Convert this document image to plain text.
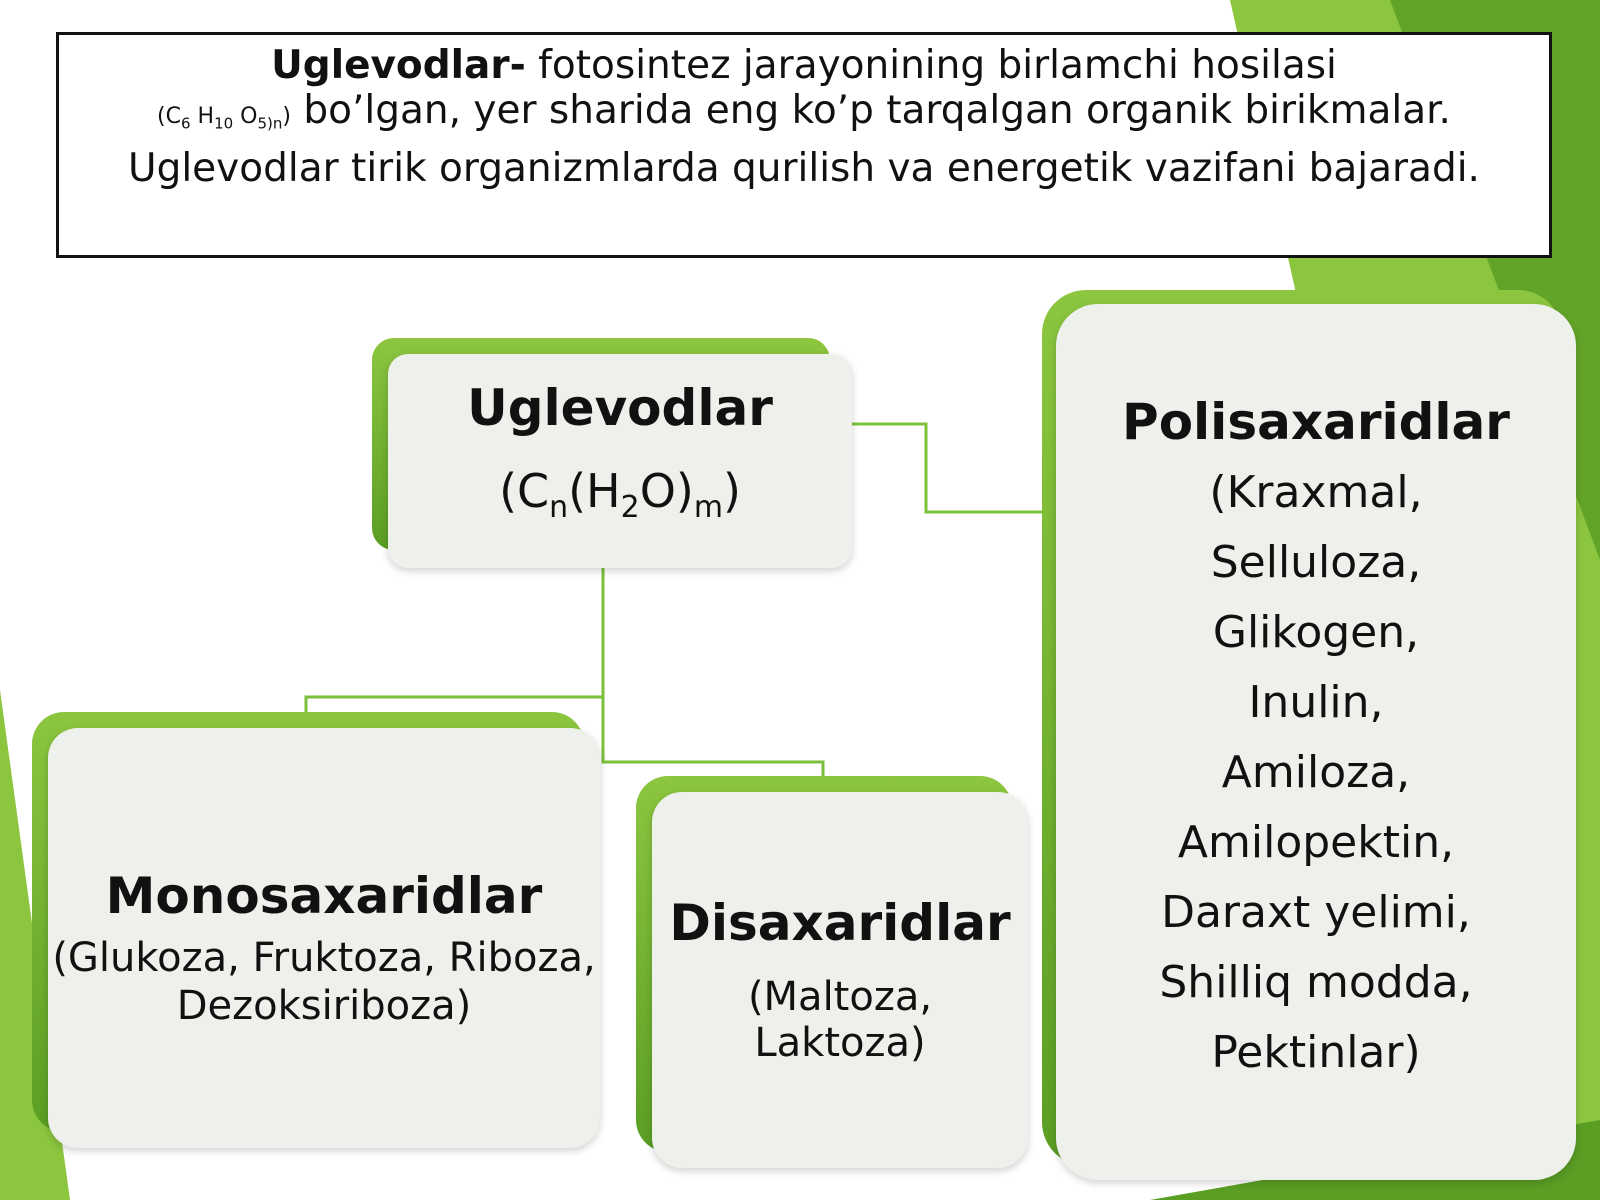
Uglevodlar- fotosintez jarayonining birlamchi hosilasi
($C_6$ $H_{10}$ $O_{5)n}$) bo’lgan, yer sharida eng ko’p tarqalgan organik birikmalar.
Uglevodlar tirik organizmlarda qurilish va energetik vazifani bajaradi.
Uglevodlar
$(C_n(H_2O)_m)$
Monosaxaridlar
(Glukoza, Fruktoza, Riboza, Dezoksiriboza)
Disaxaridlar
(Maltoza, Laktoza)
Polisaxaridlar
(Kraxmal,
Selluloza,
Glikogen,
Inulin,
Amiloza,
Amilopektin,
Daraxt yelimi,
Shilliq modda,
Pektinlar)
